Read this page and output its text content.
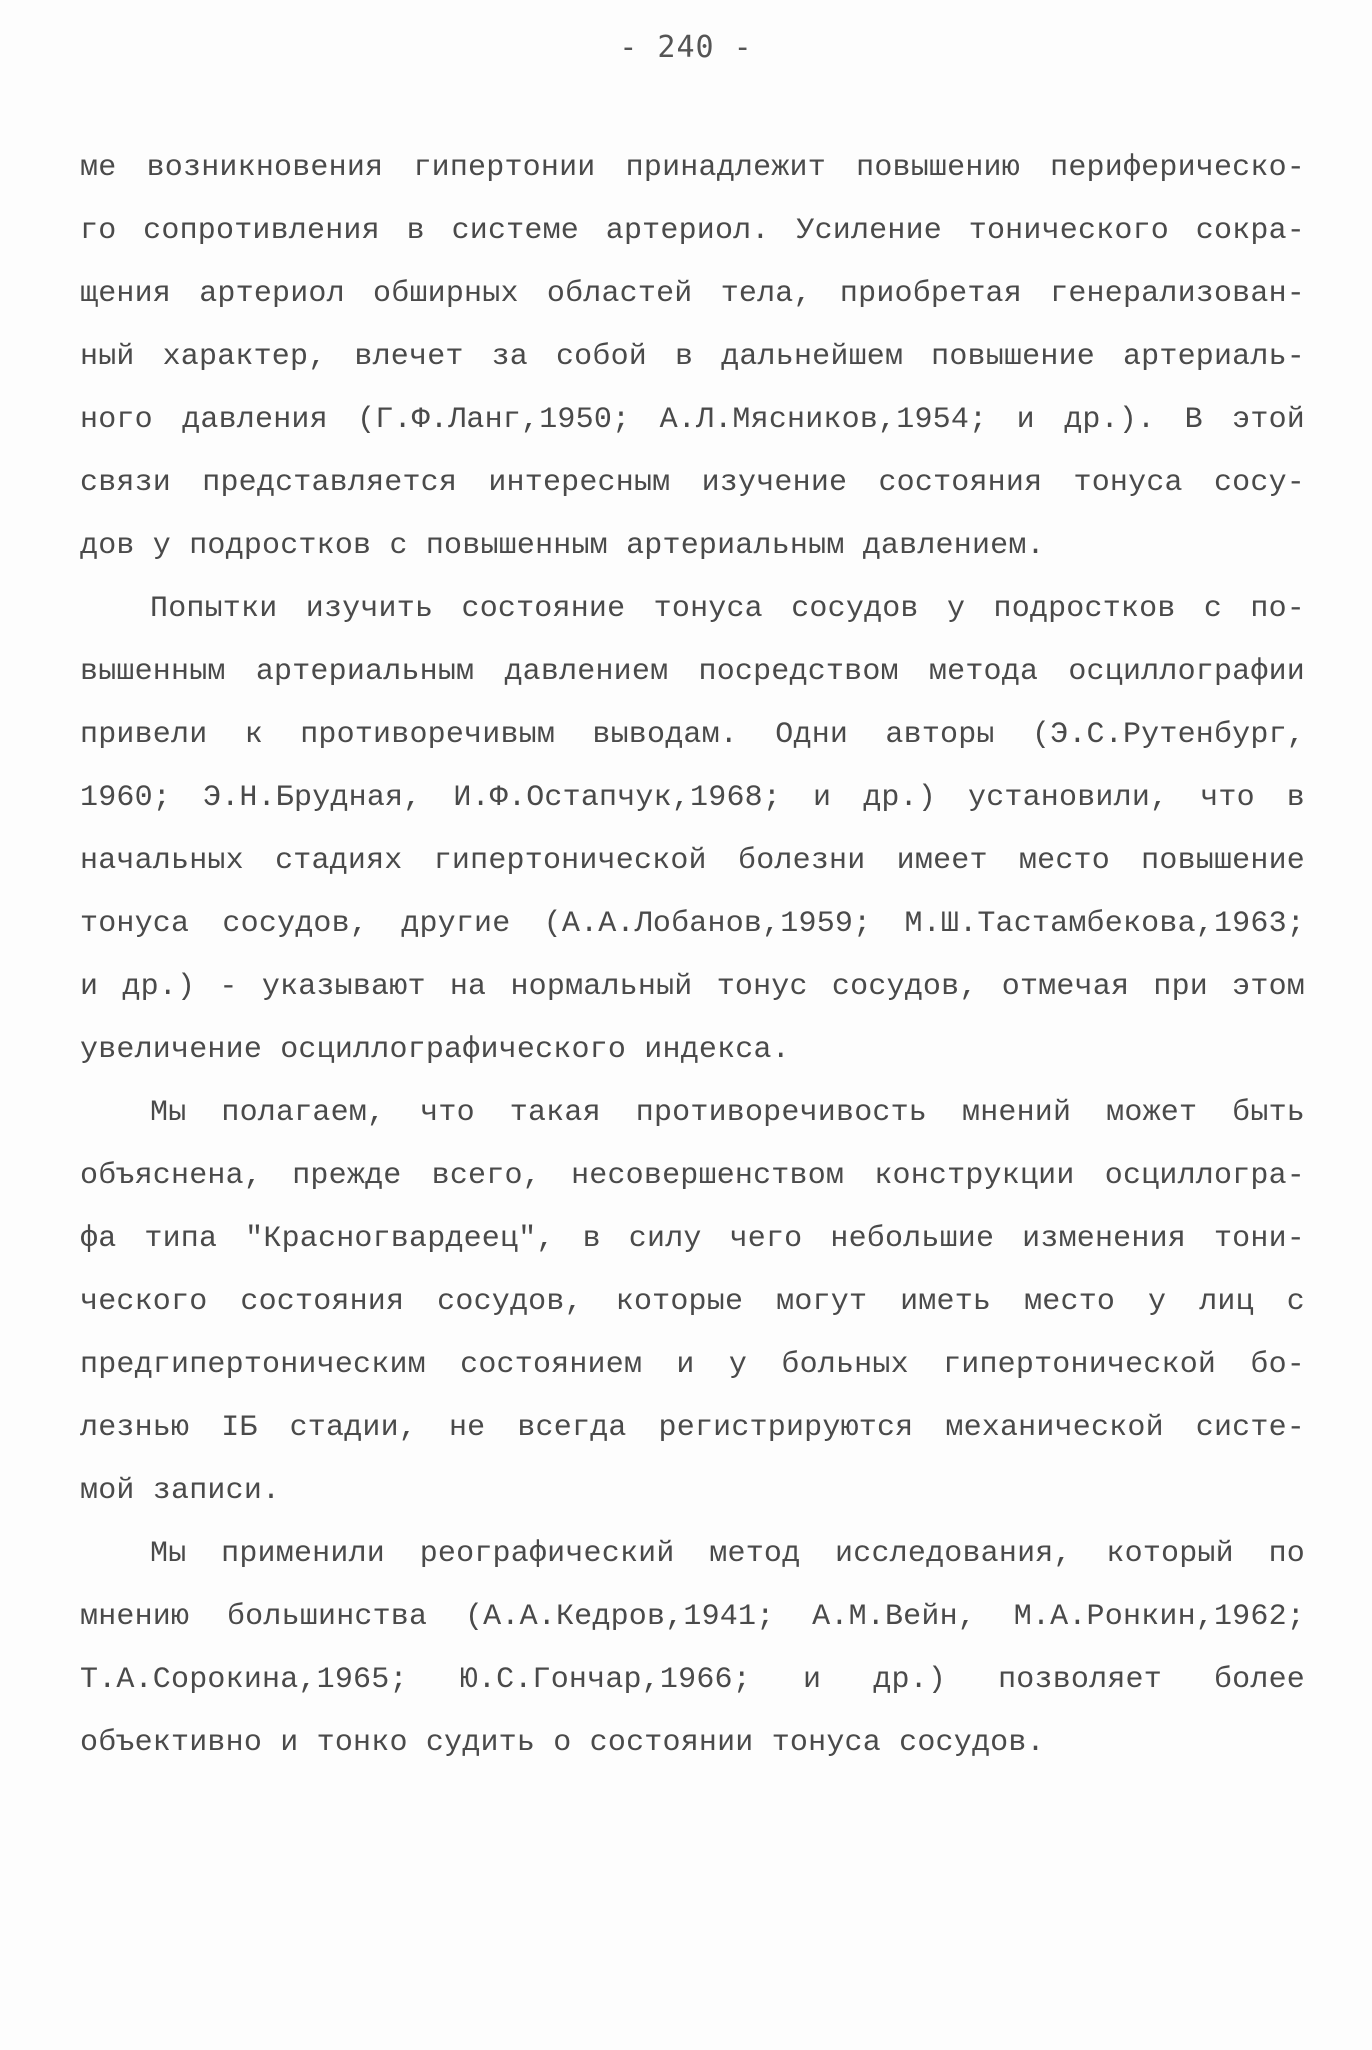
- 240 -
ме возникновения гипертонии принадлежит повышению периферическо-
го сопротивления в системе артериол. Усиление тонического сокра-
щения артериол обширных областей тела, приобретая генерализован-
ный характер, влечет за собой в дальнейшем повышение артериаль-
ного давления (Г.Ф.Ланг,1950; А.Л.Мясников,1954; и др.). В этой
связи представляется интересным изучение состояния тонуса сосу-
дов у подростков с повышенным артериальным давлением.
Попытки изучить состояние тонуса сосудов у подростков с по-
вышенным артериальным давлением посредством метода осциллографии
привели к противоречивым выводам. Одни авторы (Э.С.Рутенбург,
1960; Э.Н.Брудная, И.Ф.Остапчук,1968; и др.) установили, что в
начальных стадиях гипертонической болезни имеет место повышение
тонуса сосудов, другие (А.А.Лобанов,1959; М.Ш.Тастамбекова,1963;
и др.) - указывают на нормальный тонус сосудов, отмечая при этом
увеличение осциллографического индекса.
Мы полагаем, что такая противоречивость мнений может быть
объяснена, прежде всего, несовершенством конструкции осциллогра-
фа типа "Красногвардеец", в силу чего небольшие изменения тони-
ческого состояния сосудов, которые могут иметь место у лиц с
предгипертоническим состоянием и у больных гипертонической бо-
лезнью IБ стадии, не всегда регистрируются механической систе-
мой записи.
Мы применили реографический метод исследования, который по
мнению большинства (А.А.Кедров,1941; А.М.Вейн, М.А.Ронкин,1962;
Т.А.Сорокина,1965; Ю.С.Гончар,1966; и др.) позволяет более
объективно и тонко судить о состоянии тонуса сосудов.
